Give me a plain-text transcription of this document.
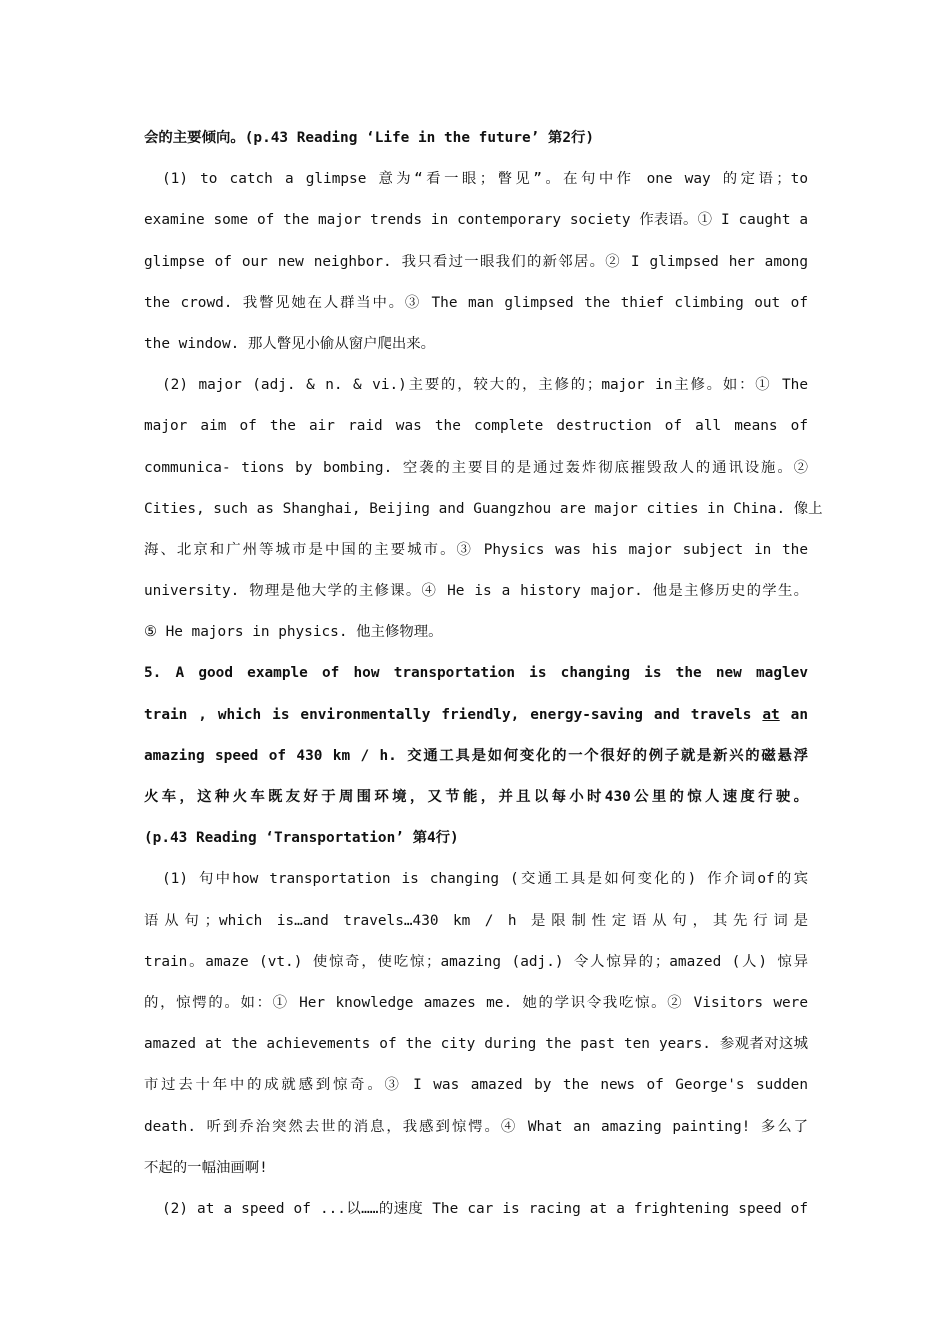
会的主要倾向。(p.43 Reading ‘Life in the future’ 第2行)
(1) to catch a glimpse 意为“看一眼；瞥见”。在句中作 one way 的定语；to
examine some of the major trends in contemporary society 作表语。① I caught a
glimpse of our new neighbor. 我只看过一眼我们的新邻居。② I glimpsed her among
the crowd. 我瞥见她在人群当中。③ The man glimpsed the thief climbing out of
the window. 那人瞥见小偷从窗户爬出来。
(2) major (adj. & n. & vi.)主要的，较大的，主修的；major in主修。如：① The
major aim of the air raid was the complete destruction of all means of
communica- tions by bombing. 空袭的主要目的是通过轰炸彻底摧毁敌人的通讯设施。②
Cities, such as Shanghai, Beijing and Guangzhou are major cities in China. 像上
海、北京和广州等城市是中国的主要城市。③ Physics was his major subject in the
university. 物理是他大学的主修课。④ He is a history major. 他是主修历史的学生。
⑤ He majors in physics. 他主修物理。
5. A good example of how transportation is changing is the new maglev
train , which is environmentally friendly, energy-saving and travels at an
amazing speed of 430 km / h. 交通工具是如何变化的一个很好的例子就是新兴的磁悬浮
火车，这种火车既友好于周围环境，又节能，并且以每小时430公里的惊人速度行驶。
(p.43 Reading ‘Transportation’ 第4行)
(1) 句中how transportation is changing (交通工具是如何变化的) 作介词of的宾
语从句；which is…and travels…430 km / h 是限制性定语从句，其先行词是
train。amaze (vt.) 使惊奇，使吃惊；amazing (adj.) 令人惊异的；amazed (人) 惊异
的，惊愕的。如：① Her knowledge amazes me. 她的学识令我吃惊。② Visitors were
amazed at the achievements of the city during the past ten years. 参观者对这城
市过去十年中的成就感到惊奇。③ I was amazed by the news of George's sudden
death. 听到乔治突然去世的消息，我感到惊愕。④ What an amazing painting! 多么了
不起的一幅油画啊!
(2) at a speed of ...以……的速度 The car is racing at a frightening speed of
